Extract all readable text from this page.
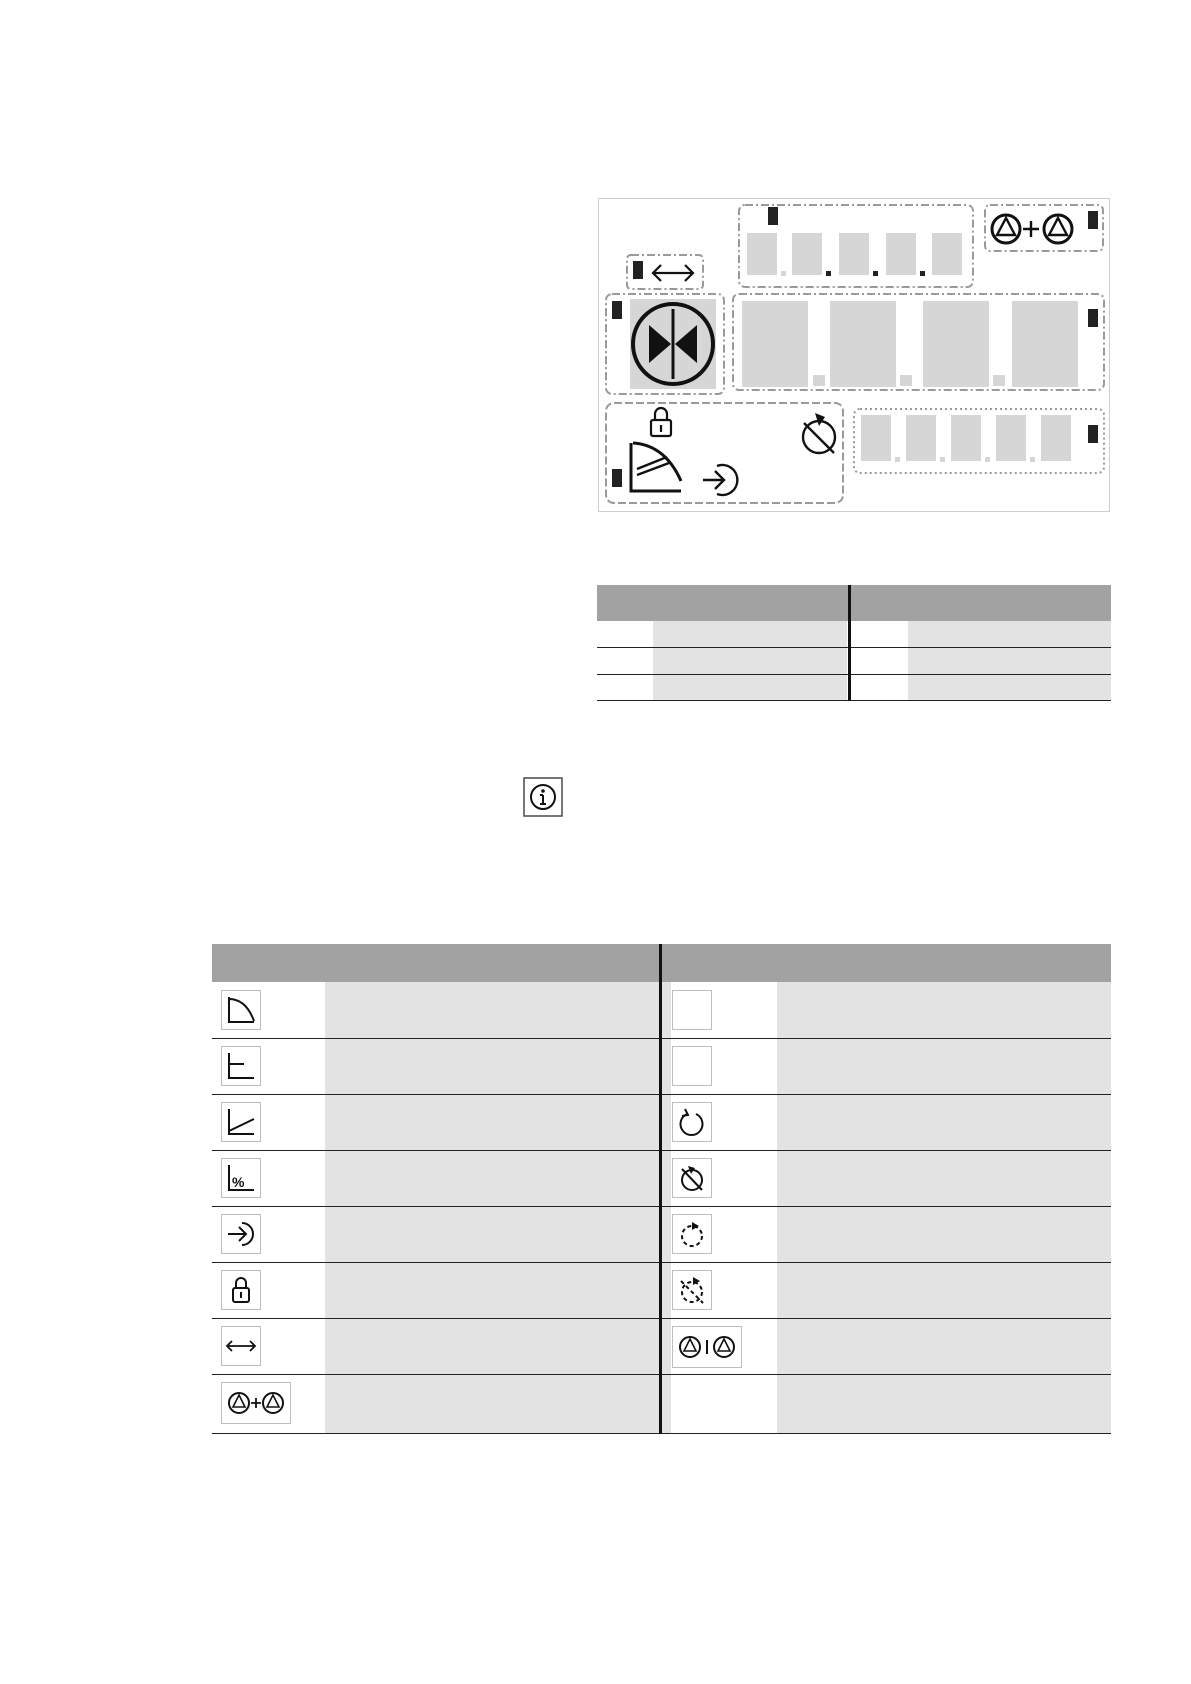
%
